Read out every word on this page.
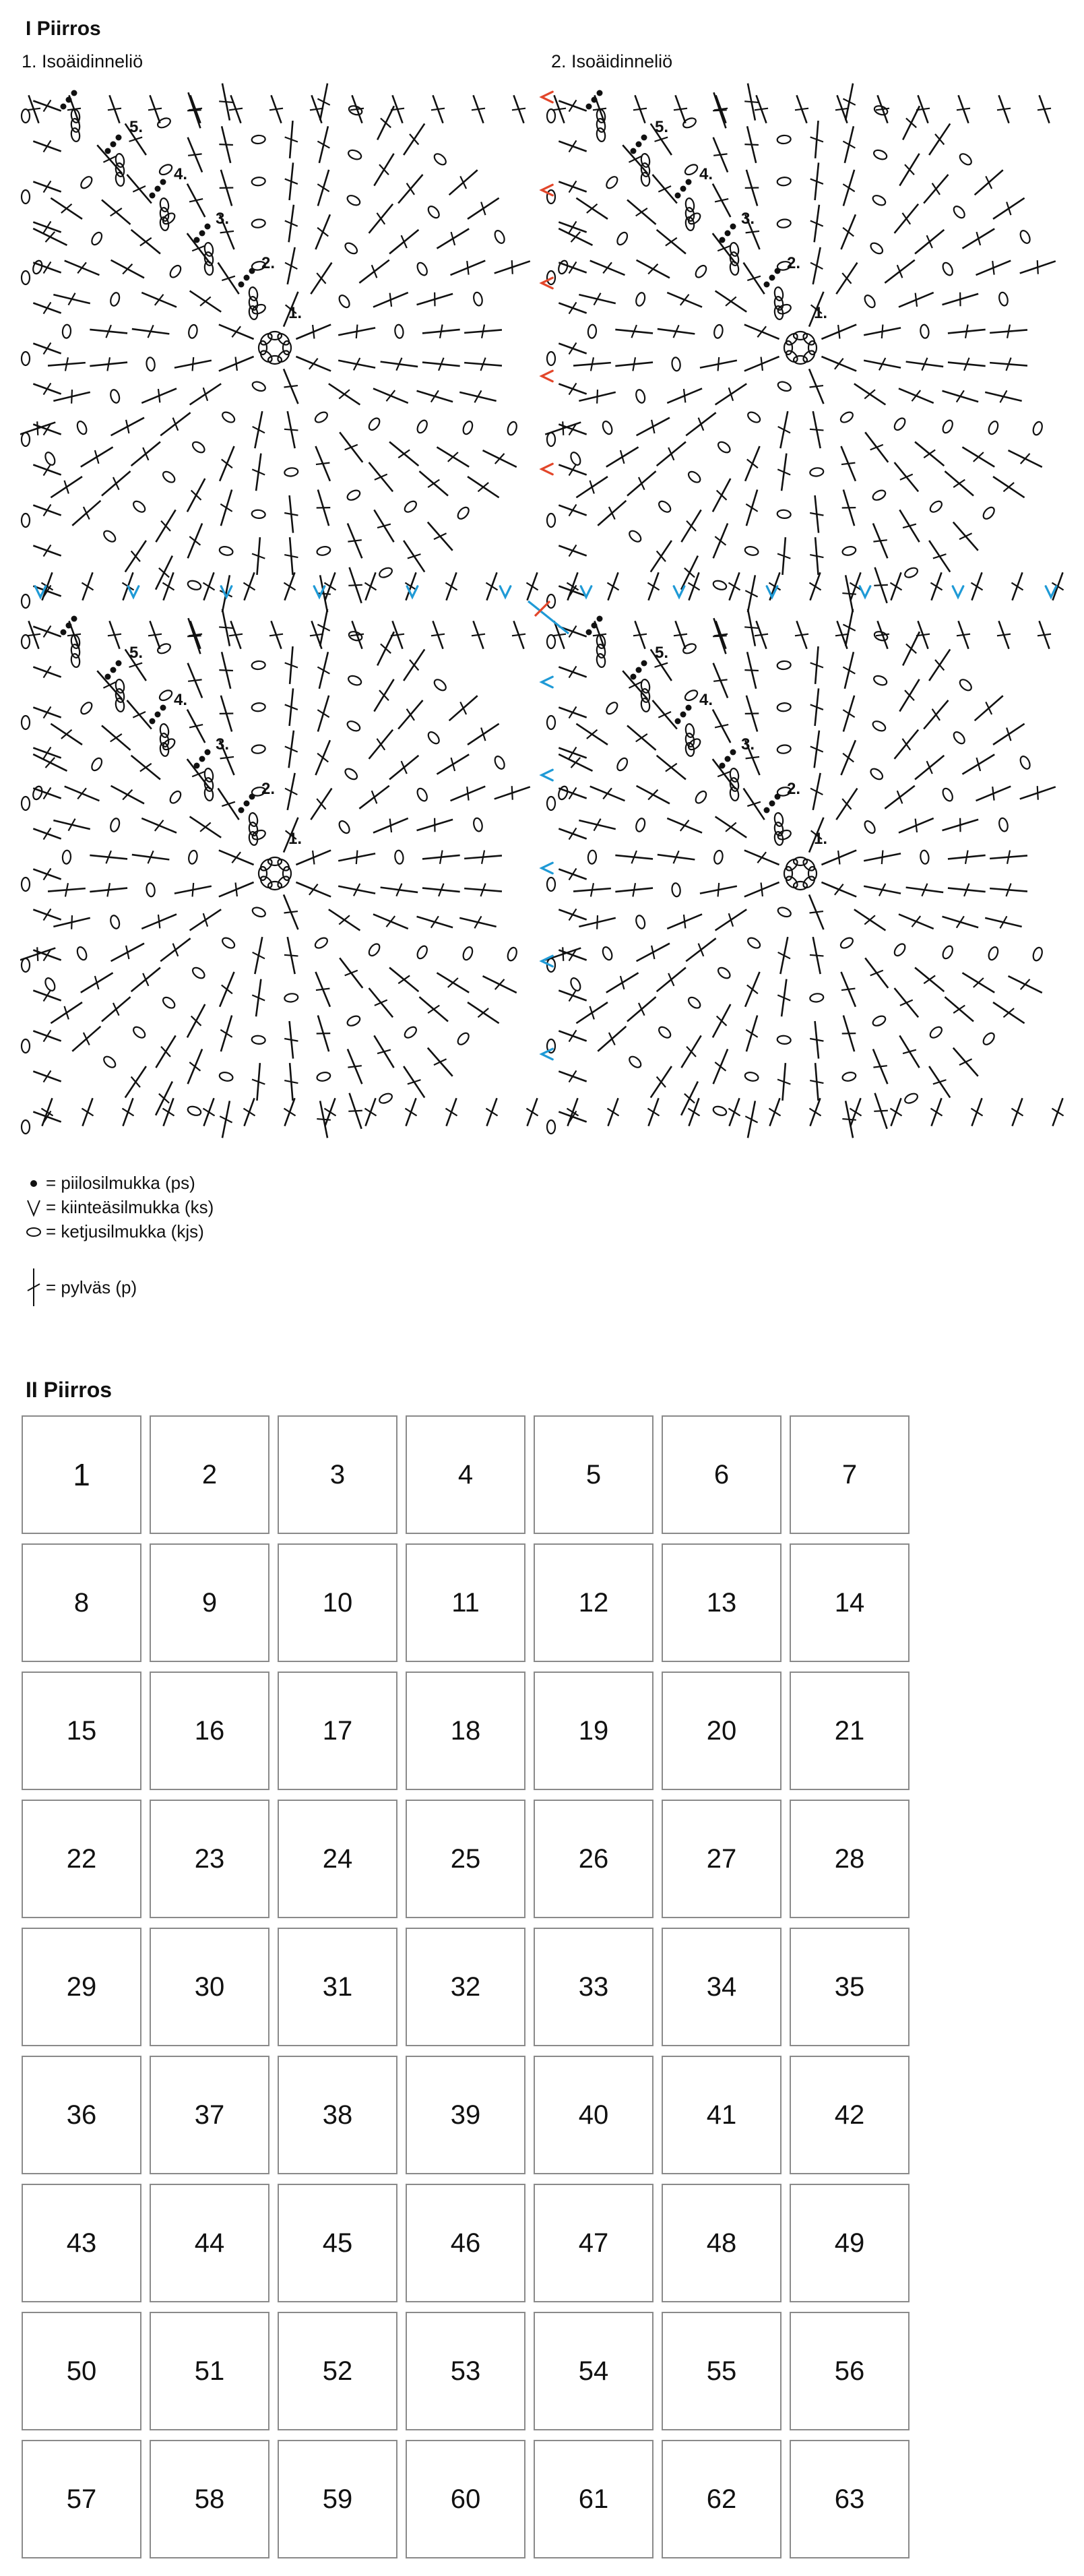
I Piirros
1. Isoäidinneliö	2. Isoäidinneliö
1.
2.
3.
4.
5.
1.
2.
3.
4.
5.
1.
2.
3.
4.
5.
1.
2.
3.
4.
5.
= piilosilmukka (ps)
= kiinteäsilmukka (ks)
= ketjusilmukka (kjs)
= pylväs (p)
II Piirros
1	2	3	4	5	6	7
8	9	10	11	12	13	14
15	16	17	18	19	20	21
22	23	24	25	26	27	28
29	30	31	32	33	34	35
36	37	38	39	40	41	42
43	44	45	46	47	48	49
50	51	52	53	54	55	56
57	58	59	60	61	62	63
